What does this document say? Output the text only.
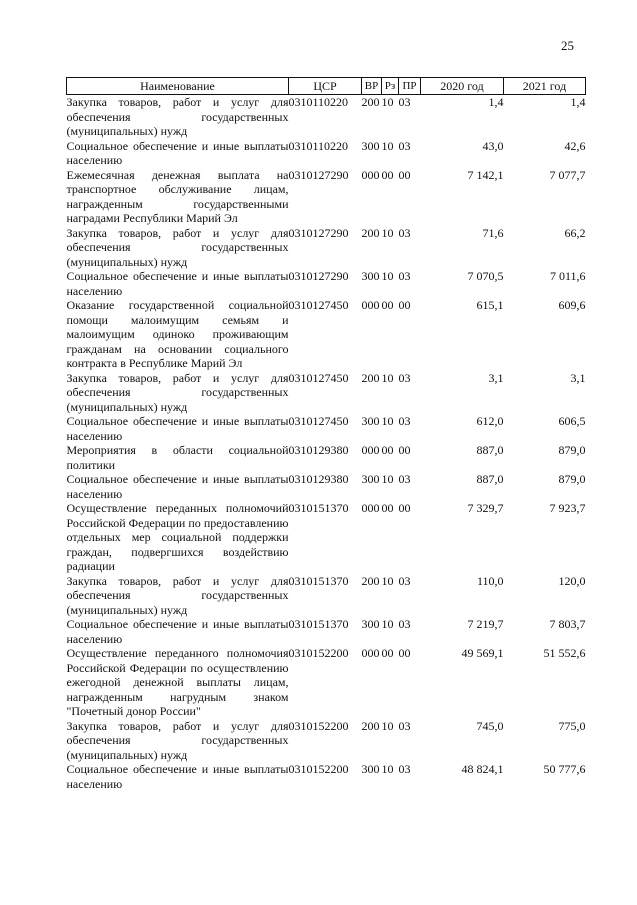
25
Наименование	ЦСР	ВР	Рз	ПР	2020 год	2021 год
Закупка товаров, работ и услуг для обеспечения государственных (муниципальных) нужд	0310110220	200	10	03	1,4	1,4
Социальное обеспечение и иные выплаты населению	0310110220	300	10	03	43,0	42,6
Ежемесячная денежная выплата на транспортное обслуживание лицам, награжденным государственными наградами Республики Марий Эл	0310127290	000	00	00	7 142,1	7 077,7
Закупка товаров, работ и услуг для обеспечения государственных (муниципальных) нужд	0310127290	200	10	03	71,6	66,2
Социальное обеспечение и иные выплаты населению	0310127290	300	10	03	7 070,5	7 011,6
Оказание государственной социальной помощи малоимущим семьям и малоимущим одиноко проживающим гражданам на основании социального контракта в Республике Марий Эл	0310127450	000	00	00	615,1	609,6
Закупка товаров, работ и услуг для обеспечения государственных (муниципальных) нужд	0310127450	200	10	03	3,1	3,1
Социальное обеспечение и иные выплаты населению	0310127450	300	10	03	612,0	606,5
Мероприятия в области социальной политики	0310129380	000	00	00	887,0	879,0
Социальное обеспечение и иные выплаты населению	0310129380	300	10	03	887,0	879,0
Осуществление переданных полномочий Российской Федерации по предоставлению отдельных мер социальной поддержки граждан, подвергшихся воздействию радиации	0310151370	000	00	00	7 329,7	7 923,7
Закупка товаров, работ и услуг для обеспечения государственных (муниципальных) нужд	0310151370	200	10	03	110,0	120,0
Социальное обеспечение и иные выплаты населению	0310151370	300	10	03	7 219,7	7 803,7
Осуществление переданного полномочия Российской Федерации по осуществлению ежегодной денежной выплаты лицам, награжденным нагрудным знаком "Почетный донор России"	0310152200	000	00	00	49 569,1	51 552,6
Закупка товаров, работ и услуг для обеспечения государственных (муниципальных) нужд	0310152200	200	10	03	745,0	775,0
Социальное обеспечение и иные выплаты населению	0310152200	300	10	03	48 824,1	50 777,6
